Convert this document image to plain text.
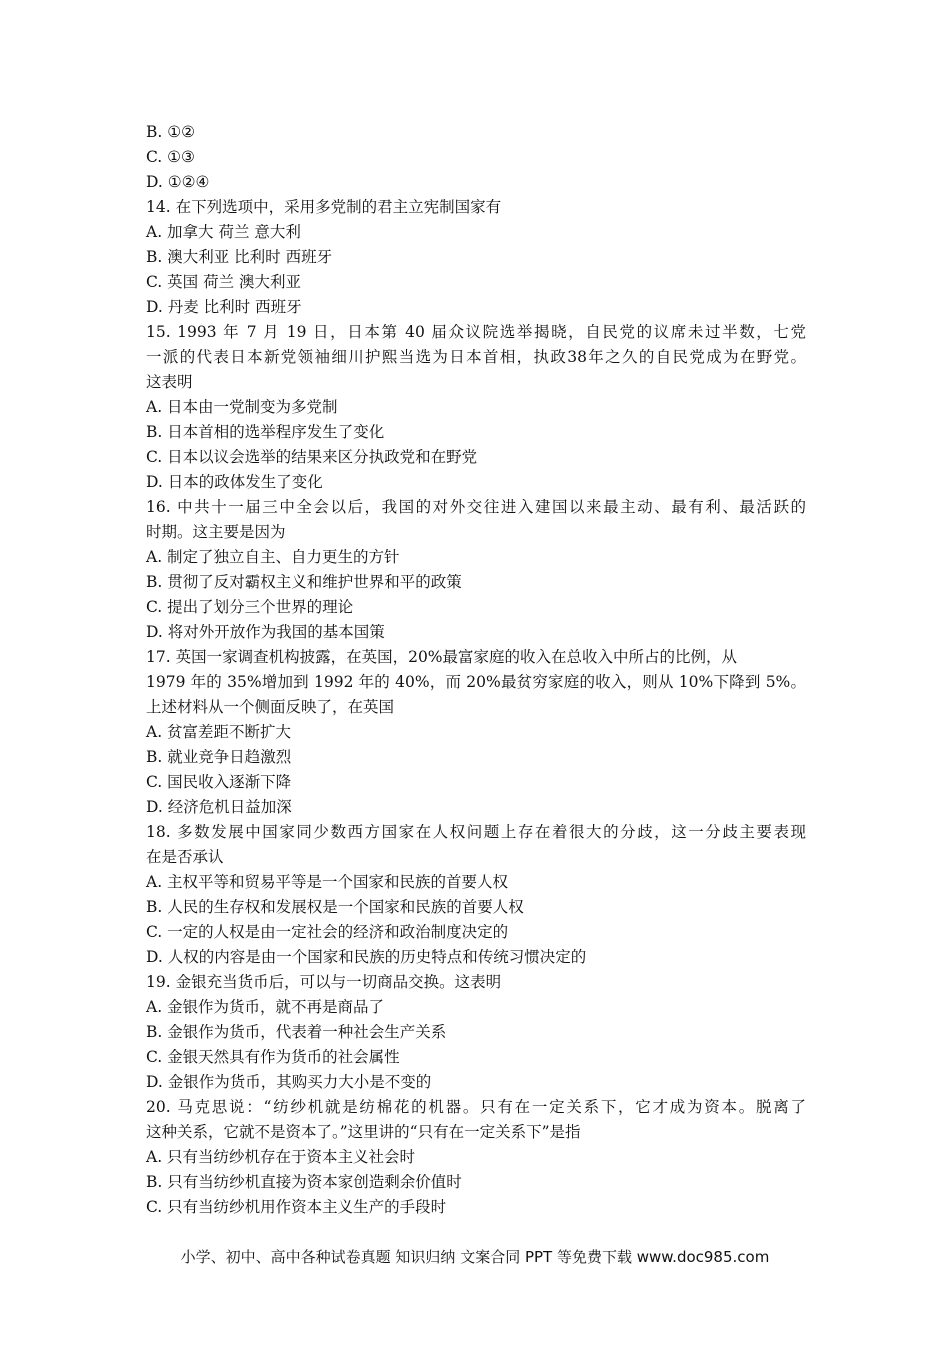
B. ①②
C. ①③
D. ①②④
14. 在下列选项中，采用多党制的君主立宪制国家有
A. 加拿大 荷兰 意大利
B. 澳大利亚 比利时 西班牙
C. 英国 荷兰 澳大利亚
D. 丹麦 比利时 西班牙
15. 1993 年 7 月 19 日，日本第 40 届众议院选举揭晓，自民党的议席未过半数，七党
一派的代表日本新党领袖细川护熙当选为日本首相，执政38年之久的自民党成为在野党。
这表明
A. 日本由一党制变为多党制
B. 日本首相的选举程序发生了变化
C. 日本以议会选举的结果来区分执政党和在野党
D. 日本的政体发生了变化
16. 中共十一届三中全会以后，我国的对外交往进入建国以来最主动、最有利、最活跃的
时期。这主要是因为
A. 制定了独立自主、自力更生的方针
B. 贯彻了反对霸权主义和维护世界和平的政策
C. 提出了划分三个世界的理论
D. 将对外开放作为我国的基本国策
17. 英国一家调查机构披露，在英国，20%最富家庭的收入在总收入中所占的比例，从
1979 年的 35%增加到 1992 年的 40%，而 20%最贫穷家庭的收入，则从 10%下降到 5%。
上述材料从一个侧面反映了，在英国
A. 贫富差距不断扩大
B. 就业竞争日趋激烈
C. 国民收入逐渐下降
D. 经济危机日益加深
18. 多数发展中国家同少数西方国家在人权问题上存在着很大的分歧，这一分歧主要表现
在是否承认
A. 主权平等和贸易平等是一个国家和民族的首要人权
B. 人民的生存权和发展权是一个国家和民族的首要人权
C. 一定的人权是由一定社会的经济和政治制度决定的
D. 人权的内容是由一个国家和民族的历史特点和传统习惯决定的
19. 金银充当货币后，可以与一切商品交换。这表明
A. 金银作为货币，就不再是商品了
B. 金银作为货币，代表着一种社会生产关系
C. 金银天然具有作为货币的社会属性
D. 金银作为货币，其购买力大小是不变的
20. 马克思说：“纺纱机就是纺棉花的机器。只有在一定关系下，它才成为资本。脱离了
这种关系，它就不是资本了。”这里讲的“只有在一定关系下”是指
A. 只有当纺纱机存在于资本主义社会时
B. 只有当纺纱机直接为资本家创造剩余价值时
C. 只有当纺纱机用作资本主义生产的手段时
小学、初中、高中各种试卷真题 知识归纳 文案合同 PPT 等免费下载 www.doc985.com
